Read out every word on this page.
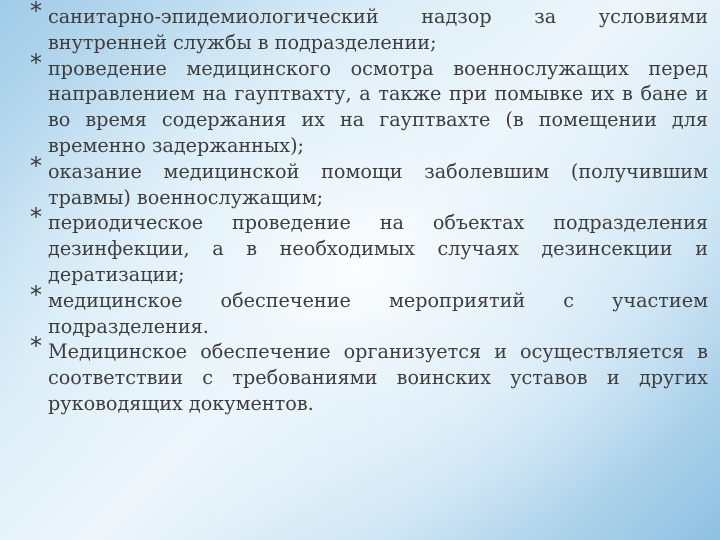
* санитарно-эпидемиологический надзор за условиями внутренней службы в подразделении;
* проведение медицинского осмотра военнослужащих перед направлением на гауптвахту, а также при помывке их в бане и во время содержания их на гауптвахте (в помещении для временно задержанных);
* оказание медицинской помощи заболевшим (получившим травмы) военнослужащим;
* периодическое проведение на объектах подразделения дезинфекции, а в необходимых случаях дезинсекции и дератизации;
* медицинское обеспечение мероприятий с участием подразделения.
* Медицинское обеспечение организуется и осуществляется в соответствии с требованиями воинских уставов и других руководящих документов.
